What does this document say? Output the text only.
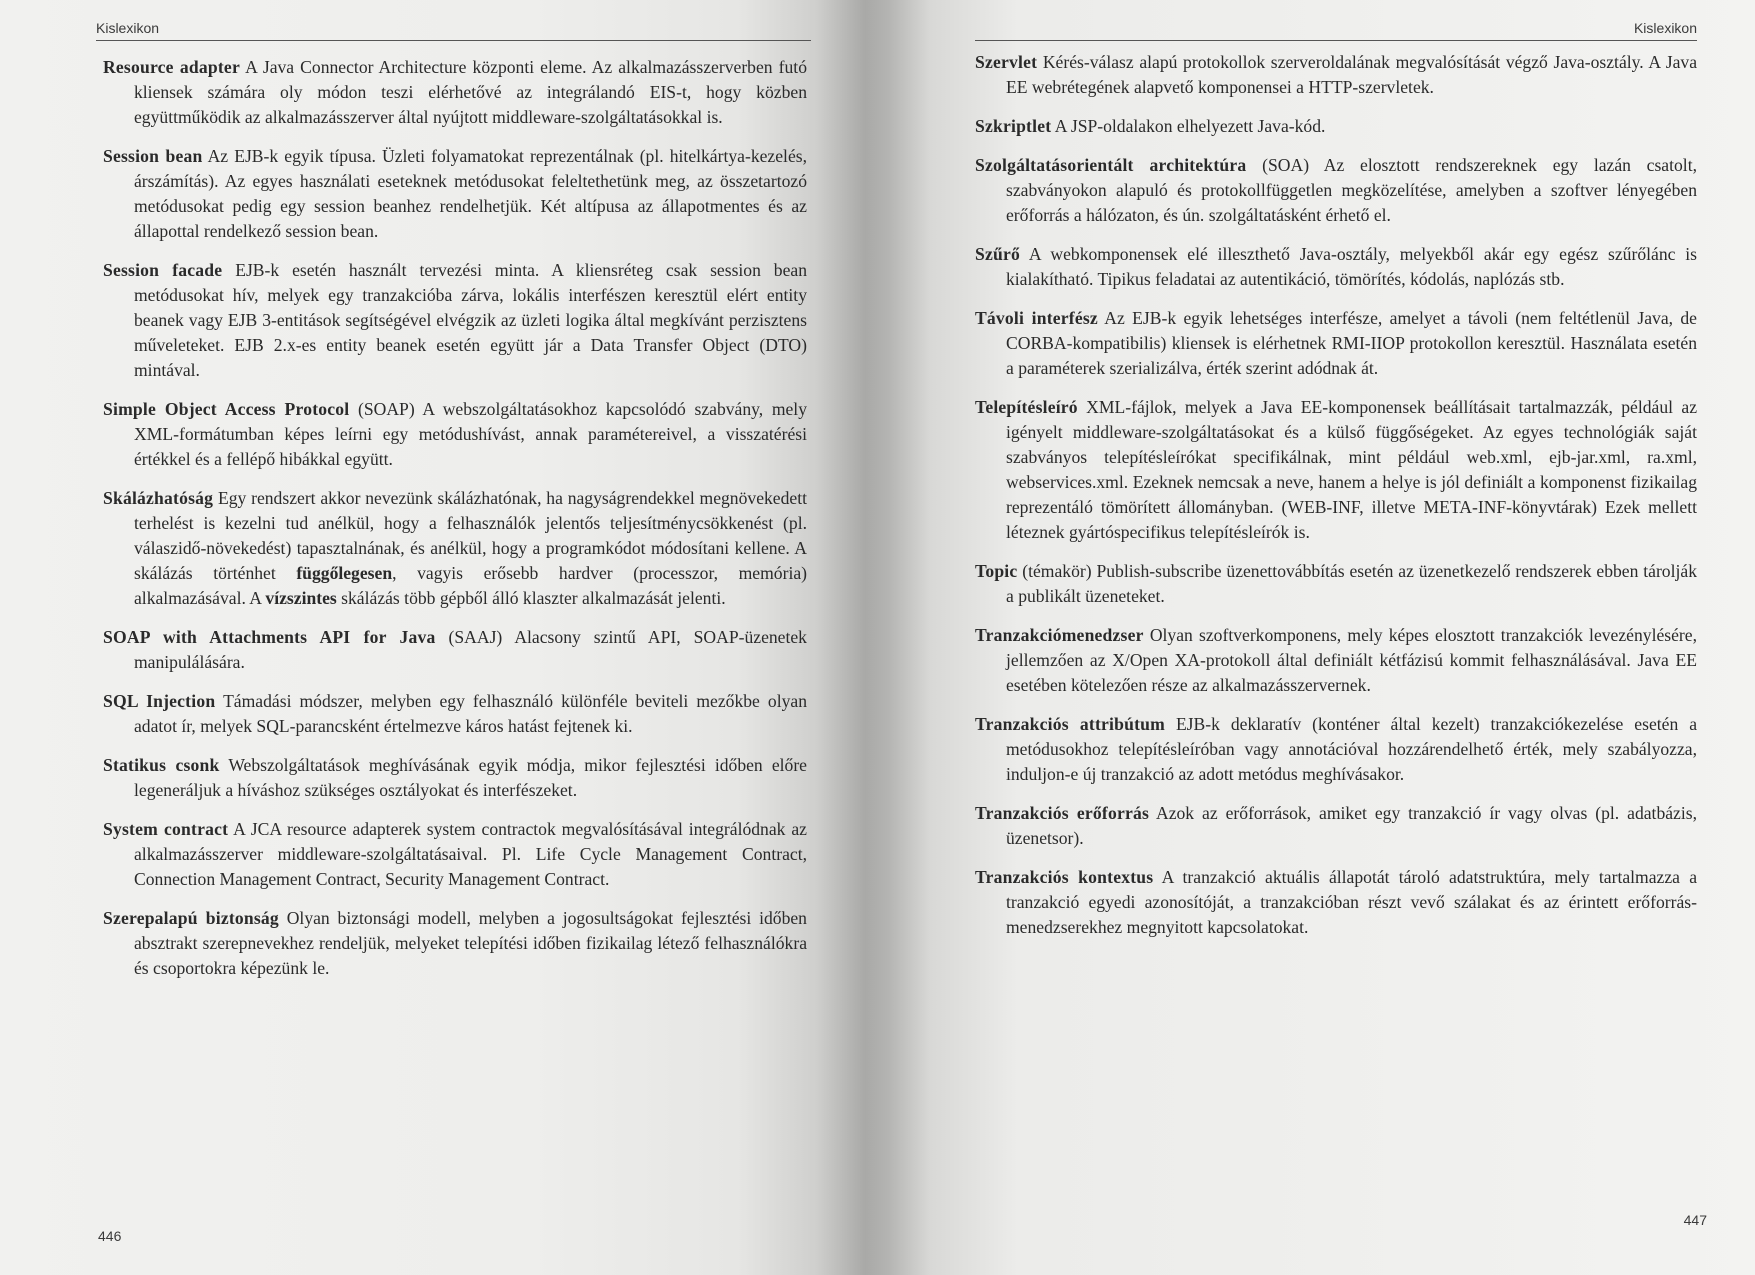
Kislexikon

Resource adapter A Java Connector Architecture központi eleme. Az alkalmazásszerverben futó kliensek számára oly módon teszi elérhetővé az integrálandó EIS-t, hogy közben együttműködik az alkalmazásszerver által nyújtott middleware-szolgáltatásokkal is.

Session bean Az EJB-k egyik típusa. Üzleti folyamatokat reprezentálnak (pl. hitelkártya-kezelés, árszámítás). Az egyes használati eseteknek metódusokat feleltethetünk meg, az összetartozó metódusokat pedig egy session beanhez rendelhetjük. Két altípusa az állapotmentes és az állapottal rendelkező session bean.

Session facade EJB-k esetén használt tervezési minta. A kliensréteg csak session bean metódusokat hív, melyek egy tranzakcióba zárva, lokális interfészen keresztül elért entity beanek vagy EJB 3-entitások segítségével elvégzik az üzleti logika által megkívánt perzisztens műveleteket. EJB 2.x-es entity beanek esetén együtt jár a Data Transfer Object (DTO) mintával.

Simple Object Access Protocol (SOAP) A webszolgáltatásokhoz kapcsolódó szabvány, mely XML-formátumban képes leírni egy metódushívást, annak paramétereivel, a visszatérési értékkel és a fellépő hibákkal együtt.

Skálázhatóság Egy rendszert akkor nevezünk skálázhatónak, ha nagyságrendekkel megnövekedett terhelést is kezelni tud anélkül, hogy a felhasználók jelentős teljesítménycsökkenést (pl. válaszidő-növekedést) tapasztalnának, és anélkül, hogy a programkódot módosítani kellene. A skálázás történhet függőlegesen, vagyis erősebb hardver (processzor, memória) alkalmazásával. A vízszintes skálázás több gépből álló klaszter alkalmazását jelenti.

SOAP with Attachments API for Java (SAAJ) Alacsony szintű API, SOAP-üzenetek manipulálására.

SQL Injection Támadási módszer, melyben egy felhasználó különféle beviteli mezőkbe olyan adatot ír, melyek SQL-parancsként értelmezve káros hatást fejtenek ki.

Statikus csonk Webszolgáltatások meghívásának egyik módja, mikor fejlesztési időben előre legeneráljuk a híváshoz szükséges osztályokat és interfészeket.

System contract A JCA resource adapterek system contractok megvalósításával integrálódnak az alkalmazásszerver middleware-szolgáltatásaival. Pl. Life Cycle Management Contract, Connection Management Contract, Security Management Contract.

Szerepalapú biztonság Olyan biztonsági modell, melyben a jogosultságokat fejlesztési időben absztrakt szerepnevekhez rendeljük, melyeket telepítési időben fizikailag létező felhasználókra és csoportokra képezünk le.

446
Kislexikon

Szervlet Kérés-válasz alapú protokollok szerveroldalának megvalósítását végző Java-osztály. A Java EE webrétegének alapvető komponensei a HTTP-szervletek.

Szkriptlet A JSP-oldalakon elhelyezett Java-kód.

Szolgáltatásorientált architektúra (SOA) Az elosztott rendszereknek egy lazán csatolt, szabványokon alapuló és protokollfüggetlen megközelítése, amelyben a szoftver lényegében erőforrás a hálózaton, és ún. szolgáltatásként érhető el.

Szűrő A webkomponensek elé illeszthető Java-osztály, melyekből akár egy egész szűrőlánc is kialakítható. Tipikus feladatai az autentikáció, tömörítés, kódolás, naplózás stb.

Távoli interfész Az EJB-k egyik lehetséges interfésze, amelyet a távoli (nem feltétlenül Java, de CORBA-kompatibilis) kliensek is elérhetnek RMI-IIOP protokollon keresztül. Használata esetén a paraméterek szerializálva, érték szerint adódnak át.

Telepítésleíró XML-fájlok, melyek a Java EE-komponensek beállításait tartalmazzák, például az igényelt middleware-szolgáltatásokat és a külső függőségeket. Az egyes technológiák saját szabványos telepítésleírókat specifikálnak, mint például web.xml, ejb-jar.xml, ra.xml, webservices.xml. Ezeknek nemcsak a neve, hanem a helye is jól definiált a komponenst fizikailag reprezentáló tömörített állományban. (WEB-INF, illetve META-INF-könyvtárak) Ezek mellett léteznek gyártóspecifikus telepítésleírók is.

Topic (témakör) Publish-subscribe üzenettovábbítás esetén az üzenetkezelő rendszerek ebben tárolják a publikált üzeneteket.

Tranzakciómenedzser Olyan szoftverkomponens, mely képes elosztott tranzakciók levezénylésére, jellemzően az X/Open XA-protokoll által definiált kétfázisú kommit felhasználásával. Java EE esetében kötelezően része az alkalmazásszervernek.

Tranzakciós attribútum EJB-k deklaratív (konténer által kezelt) tranzakciókezelése esetén a metódusokhoz telepítésleíróban vagy annotációval hozzárendelhető érték, mely szabályozza, induljon-e új tranzakció az adott metódus meghívásakor.

Tranzakciós erőforrás Azok az erőforrások, amiket egy tranzakció ír vagy olvas (pl. adatbázis, üzenetsor).

Tranzakciós kontextus A tranzakció aktuális állapotát tároló adatstruktúra, mely tartalmazza a tranzakció egyedi azonosítóját, a tranzakcióban részt vevő szálakat és az érintett erőforrás-menedzserekhez megnyitott kapcsolatokat.

447
